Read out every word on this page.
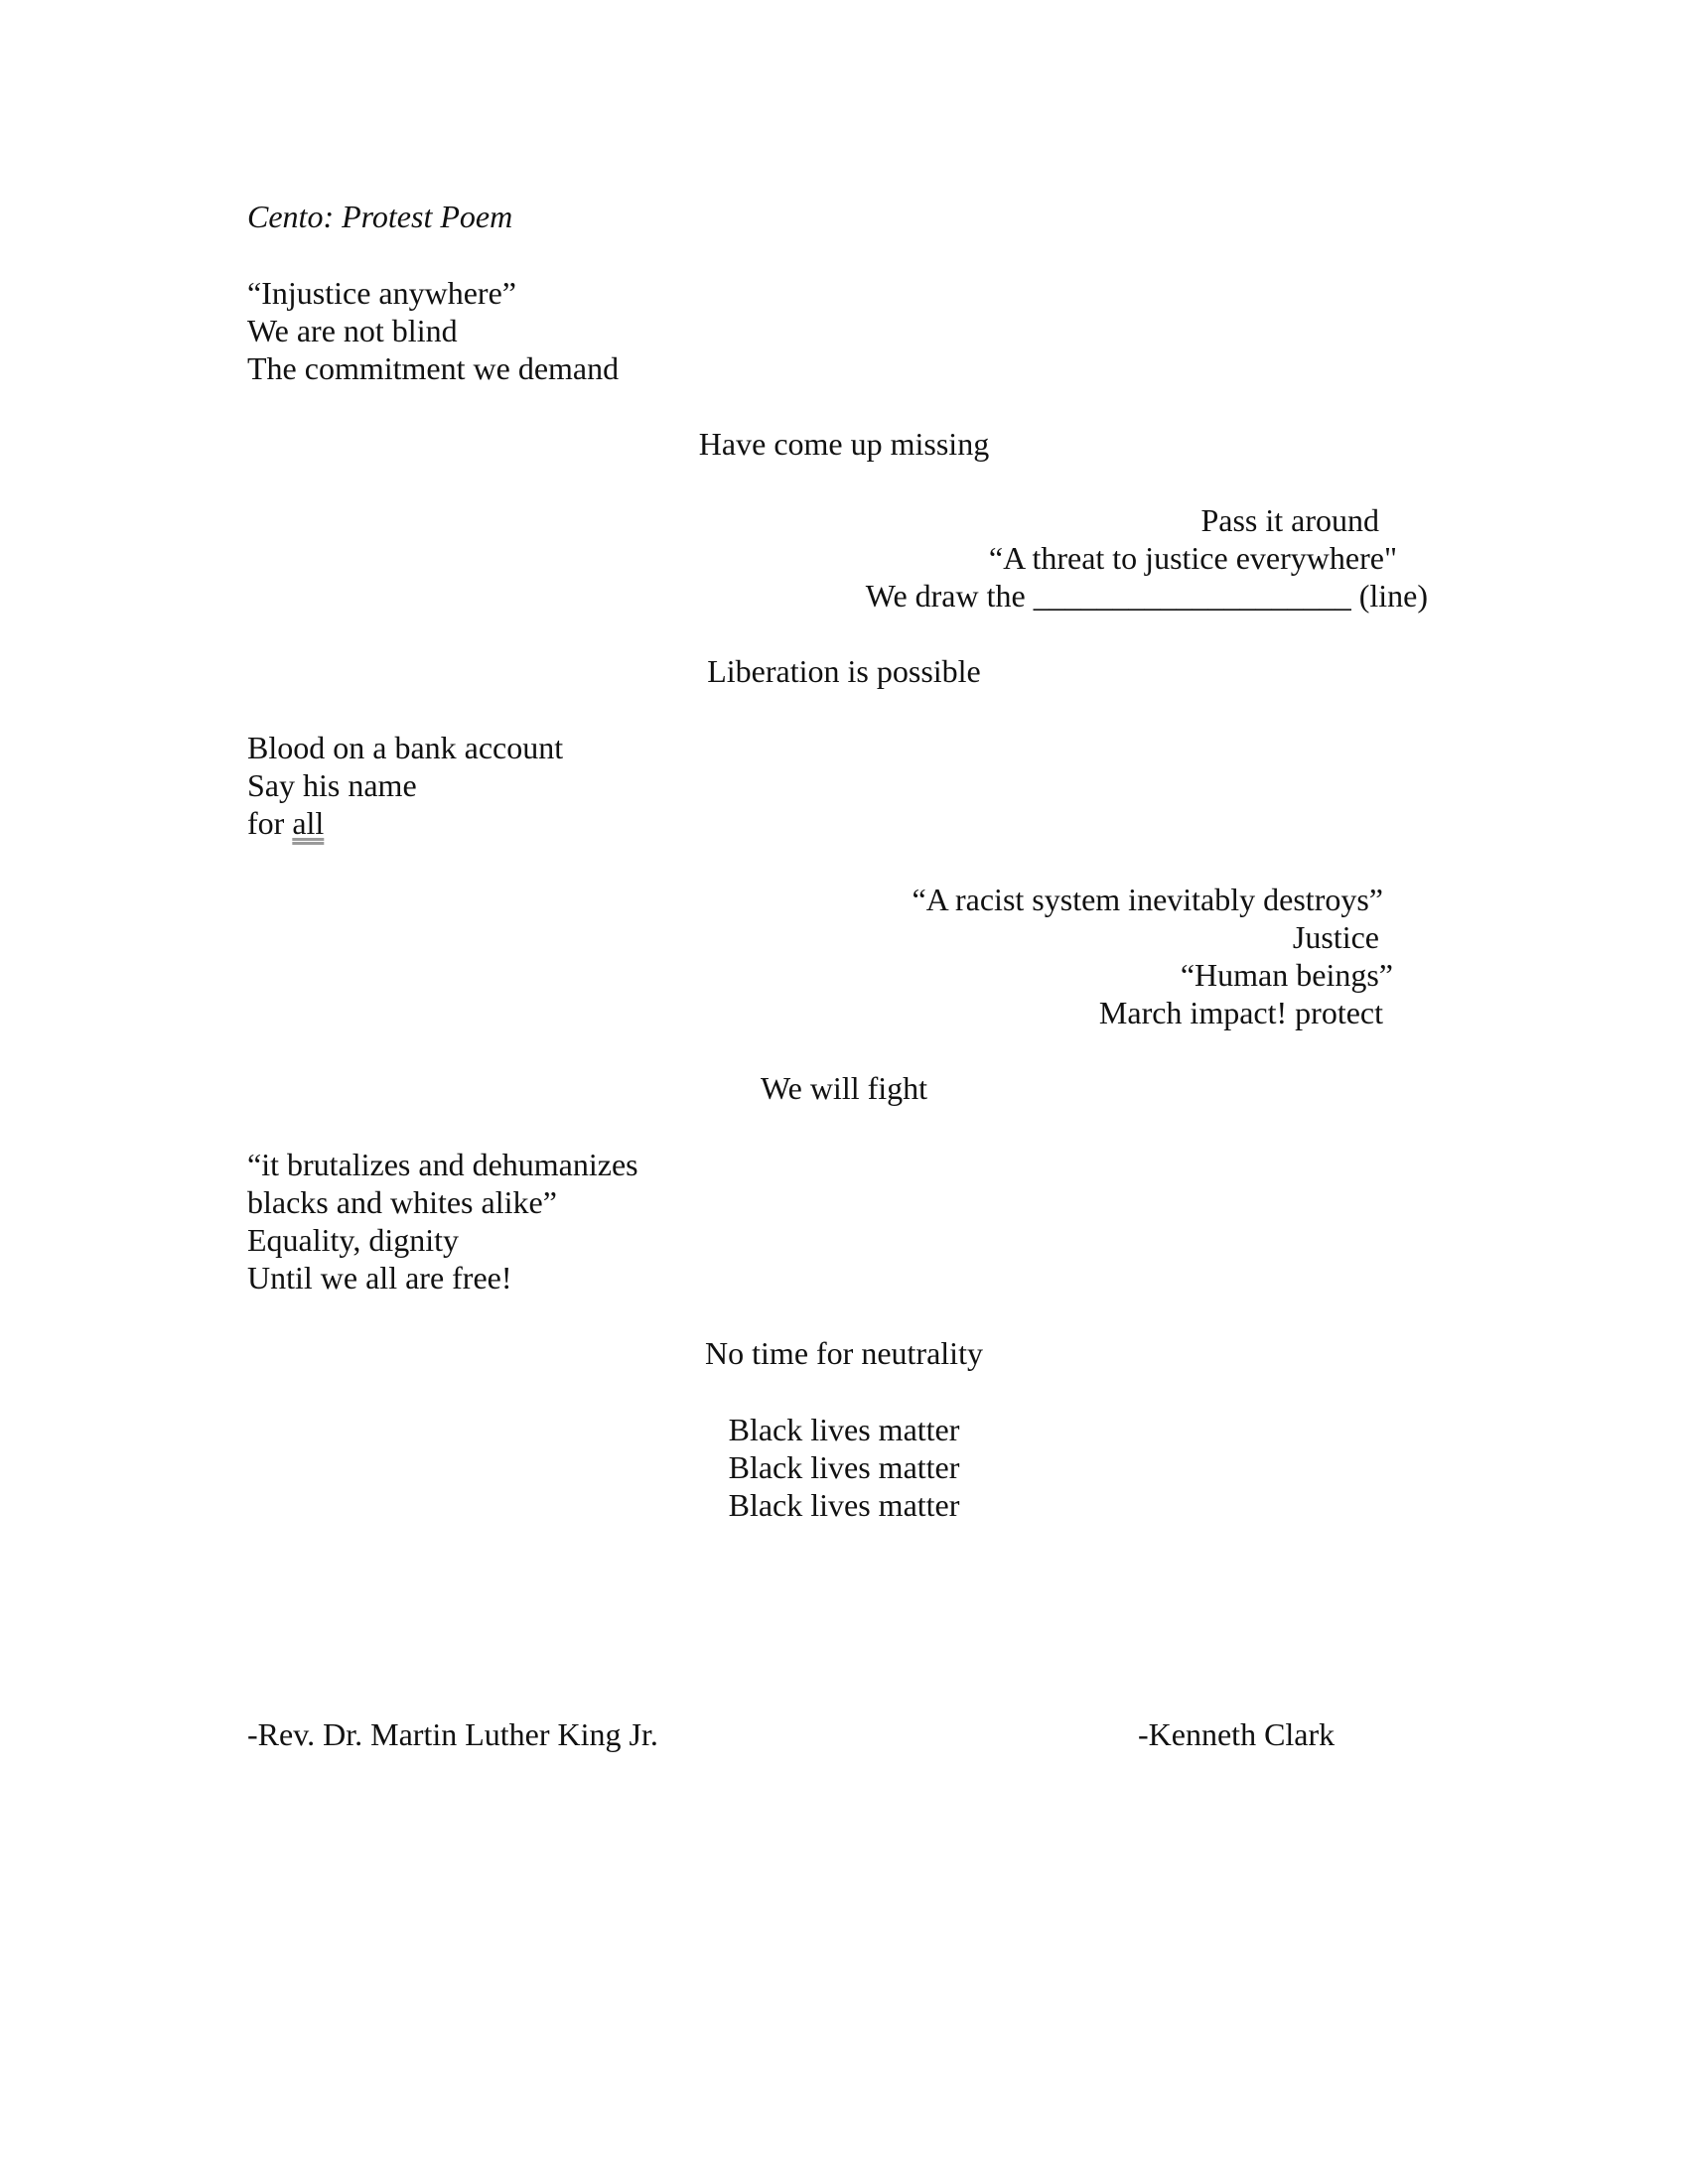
Cento: Protest Poem

“Injustice anywhere”

We are not blind

The commitment we demand

Have come up missing

Pass it around

“A threat to justice everywhere"

We draw the ____________________ (line)

Liberation is possible

Blood on a bank account

Say his name

for all

“A racist system inevitably destroys”

Justice

“Human beings”

March impact! protect

We will fight

“it brutalizes and dehumanizes

blacks and whites alike”

Equality, dignity

Until we all are free!

No time for neutrality

Black lives matter

Black lives matter

Black lives matter

-Rev. Dr. Martin Luther King Jr.	-Kenneth Clark
